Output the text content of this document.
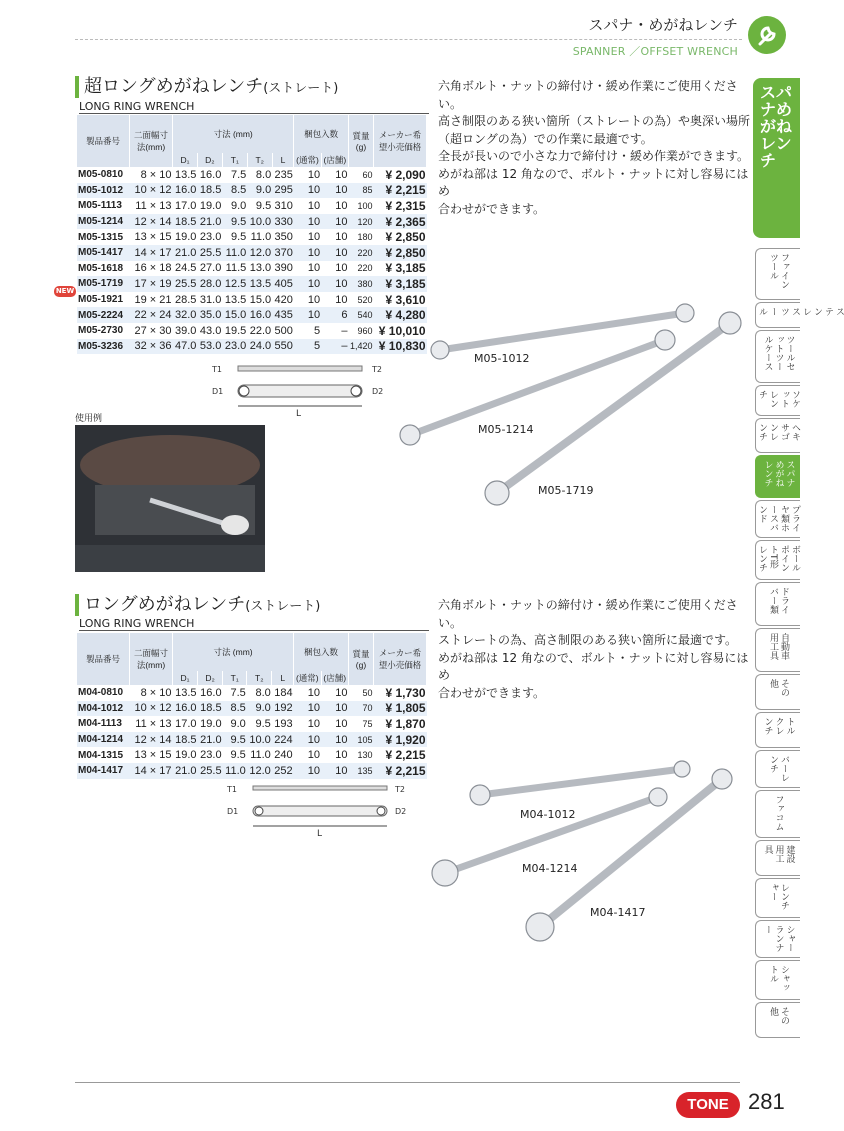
スパナ・めがねレンチ
SPANNER ／OFFSET WRENCH
超ロングめがねレンチ(ストレート)
LONG RING WRENCH
六角ボルト・ナットの締付け・緩め作業にご使用ください。
高さ制限のある狭い箇所（ストレートの為）や奥深い場所
（超ロングの為）での作業に最適です。
全長が長いので小さな力で締付け・緩め作業ができます。
めがね部は 12 角なので、ボルト・ナットに対し容易にはめ
合わせができます。
製品番号	二面幅寸法(mm)	寸法 (mm)					梱包入数		質量(g)	メーカー希望小売価格
		D₁	D₂	T₁	T₂	L	(通常)	(店舗)		
M05-0810	8 × 10	13.5	16.0	7.5	8.0	235	10	10	60	¥ 2,090
M05-1012	10 × 12	16.0	18.5	8.5	9.0	295	10	10	85	¥ 2,215
M05-1113	11 × 13	17.0	19.0	9.0	9.5	310	10	10	100	¥ 2,315
M05-1214	12 × 14	18.5	21.0	9.5	10.0	330	10	10	120	¥ 2,365
M05-1315	13 × 15	19.0	23.0	9.5	11.0	350	10	10	180	¥ 2,850
M05-1417	14 × 17	21.0	25.5	11.0	12.0	370	10	10	220	¥ 2,850
M05-1618	16 × 18	24.5	27.0	11.5	13.0	390	10	10	220	¥ 3,185
M05-1719	17 × 19	25.5	28.0	12.5	13.5	405	10	10	380	¥ 3,185
M05-1921	19 × 21	28.5	31.0	13.5	15.0	420	10	10	520	¥ 3,610
M05-2224	22 × 24	32.0	35.0	15.0	16.0	435	10	6	540	¥ 4,280
M05-2730	27 × 30	39.0	43.0	19.5	22.0	500	5	–	960	¥ 10,010
M05-3236	32 × 36	47.0	53.0	23.0	24.0	550	5	–	1,420	¥ 10,830
NEW
T1	T2
D1	D2
L
使用例
M05-1012
M05-1214
M05-1719
ロングめがねレンチ(ストレート)
LONG RING WRENCH
六角ボルト・ナットの締付け・緩め作業にご使用ください。
ストレートの為、高さ制限のある狭い箇所に最適です。
めがね部は 12 角なので、ボルト・ナットに対し容易にはめ
合わせができます。
製品番号	二面幅寸法(mm)	寸法 (mm)					梱包入数		質量(g)	メーカー希望小売価格
		D₁	D₂	T₁	T₂	L	(通常)	(店舗)		
M04-0810	8 × 10	13.5	16.0	7.5	8.0	184	10	10	50	¥ 1,730
M04-1012	10 × 12	16.0	18.5	8.5	9.0	192	10	10	70	¥ 1,805
M04-1113	11 × 13	17.0	19.0	9.0	9.5	193	10	10	75	¥ 1,870
M04-1214	12 × 14	18.5	21.0	9.5	10.0	224	10	10	105	¥ 1,920
M04-1315	13 × 15	19.0	23.0	9.5	11.0	240	10	10	130	¥ 2,215
M04-1417	14 × 17	21.0	25.5	11.0	12.0	252	10	10	135	¥ 2,215
T1	T2
D1	D2
L
M04-1012
M04-1214
M04-1417
スパナめがねレンチ
ファインツール
ステンレスツール
ツールセットツールケース
ソケットレンチ
ヘキサゴンレンチ
スパナめがねレンチ
プライヤ類ホースバンド
ボールポイントT形レンチ
ドライバー類
自動車用工具
その他
トルクレンチ
バーレンチ
ファコム
建設用工具
レンチャー
シャーランナー
シャットル
その他
TONE 281
